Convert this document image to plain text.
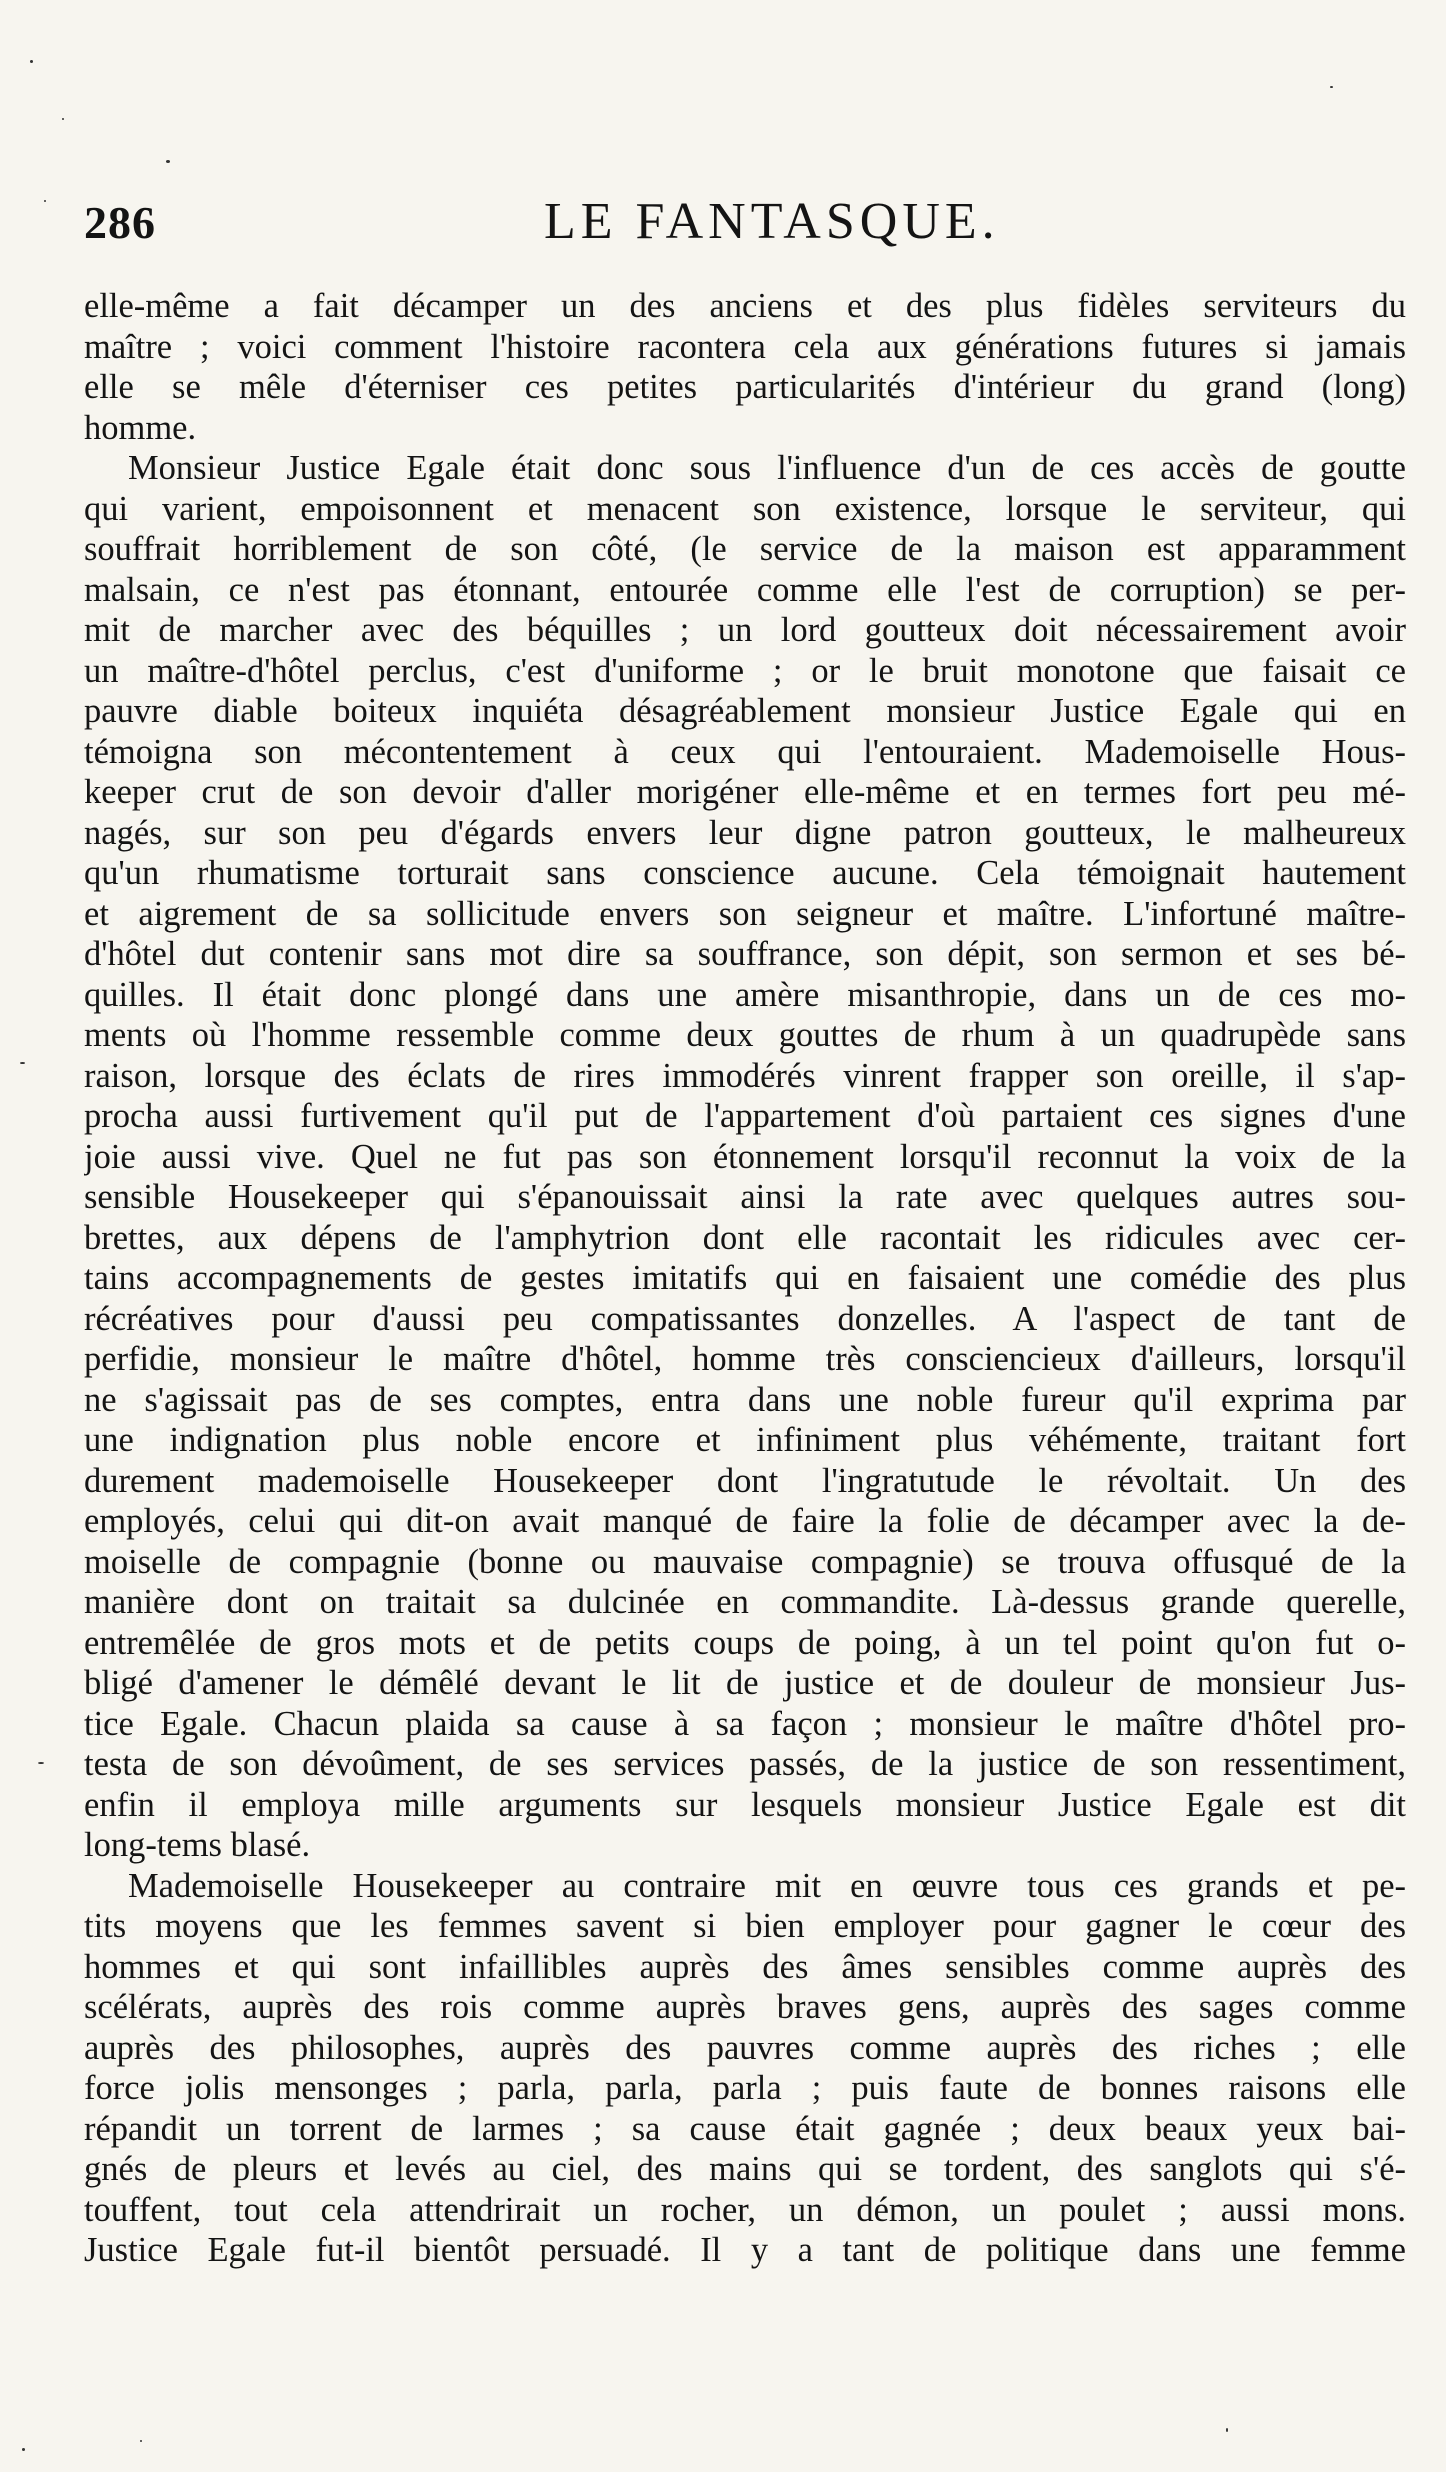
286	LE FANTASQUE.
elle-même a fait décamper un des anciens et des plus fidèles serviteurs du
maître ; voici comment l'histoire racontera cela aux générations futures si jamais
elle se mêle d'éterniser ces petites particularités d'intérieur du grand (long)
homme.
Monsieur Justice Egale était donc sous l'influence d'un de ces accès de goutte
qui varient, empoisonnent et menacent son existence, lorsque le serviteur, qui
souffrait horriblement de son côté, (le service de la maison est apparamment
malsain, ce n'est pas étonnant, entourée comme elle l'est de corruption) se per-
mit de marcher avec des béquilles ; un lord goutteux doit nécessairement avoir
un maître-d'hôtel perclus, c'est d'uniforme ; or le bruit monotone que faisait ce
pauvre diable boiteux inquiéta désagréablement monsieur Justice Egale qui en
témoigna son mécontentement à ceux qui l'entouraient. Mademoiselle Hous-
keeper crut de son devoir d'aller morigéner elle-même et en termes fort peu mé-
nagés, sur son peu d'égards envers leur digne patron goutteux, le malheureux
qu'un rhumatisme torturait sans conscience aucune. Cela témoignait hautement
et aigrement de sa sollicitude envers son seigneur et maître. L'infortuné maître-
d'hôtel dut contenir sans mot dire sa souffrance, son dépit, son sermon et ses bé-
quilles. Il était donc plongé dans une amère misanthropie, dans un de ces mo-
ments où l'homme ressemble comme deux gouttes de rhum à un quadrupède sans
raison, lorsque des éclats de rires immodérés vinrent frapper son oreille, il s'ap-
procha aussi furtivement qu'il put de l'appartement d'où partaient ces signes d'une
joie aussi vive. Quel ne fut pas son étonnement lorsqu'il reconnut la voix de la
sensible Housekeeper qui s'épanouissait ainsi la rate avec quelques autres sou-
brettes, aux dépens de l'amphytrion dont elle racontait les ridicules avec cer-
tains accompagnements de gestes imitatifs qui en faisaient une comédie des plus
récréatives pour d'aussi peu compatissantes donzelles. A l'aspect de tant de
perfidie, monsieur le maître d'hôtel, homme très consciencieux d'ailleurs, lorsqu'il
ne s'agissait pas de ses comptes, entra dans une noble fureur qu'il exprima par
une indignation plus noble encore et infiniment plus véhémente, traitant fort
durement mademoiselle Housekeeper dont l'ingratutude le révoltait. Un des
employés, celui qui dit-on avait manqué de faire la folie de décamper avec la de-
moiselle de compagnie (bonne ou mauvaise compagnie) se trouva offusqué de la
manière dont on traitait sa dulcinée en commandite. Là-dessus grande querelle,
entremêlée de gros mots et de petits coups de poing, à un tel point qu'on fut o-
bligé d'amener le démêlé devant le lit de justice et de douleur de monsieur Jus-
tice Egale. Chacun plaida sa cause à sa façon ; monsieur le maître d'hôtel pro-
testa de son dévoûment, de ses services passés, de la justice de son ressentiment,
enfin il employa mille arguments sur lesquels monsieur Justice Egale est dit
long-tems blasé.
Mademoiselle Housekeeper au contraire mit en œuvre tous ces grands et pe-
tits moyens que les femmes savent si bien employer pour gagner le cœur des
hommes et qui sont infaillibles auprès des âmes sensibles comme auprès des
scélérats, auprès des rois comme auprès braves gens, auprès des sages comme
auprès des philosophes, auprès des pauvres comme auprès des riches ; elle
force jolis mensonges ; parla, parla, parla ; puis faute de bonnes raisons elle
répandit un torrent de larmes ; sa cause était gagnée ; deux beaux yeux bai-
gnés de pleurs et levés au ciel, des mains qui se tordent, des sanglots qui s'é-
touffent, tout cela attendrirait un rocher, un démon, un poulet ; aussi mons.
Justice Egale fut-il bientôt persuadé. Il y a tant de politique dans une femme
